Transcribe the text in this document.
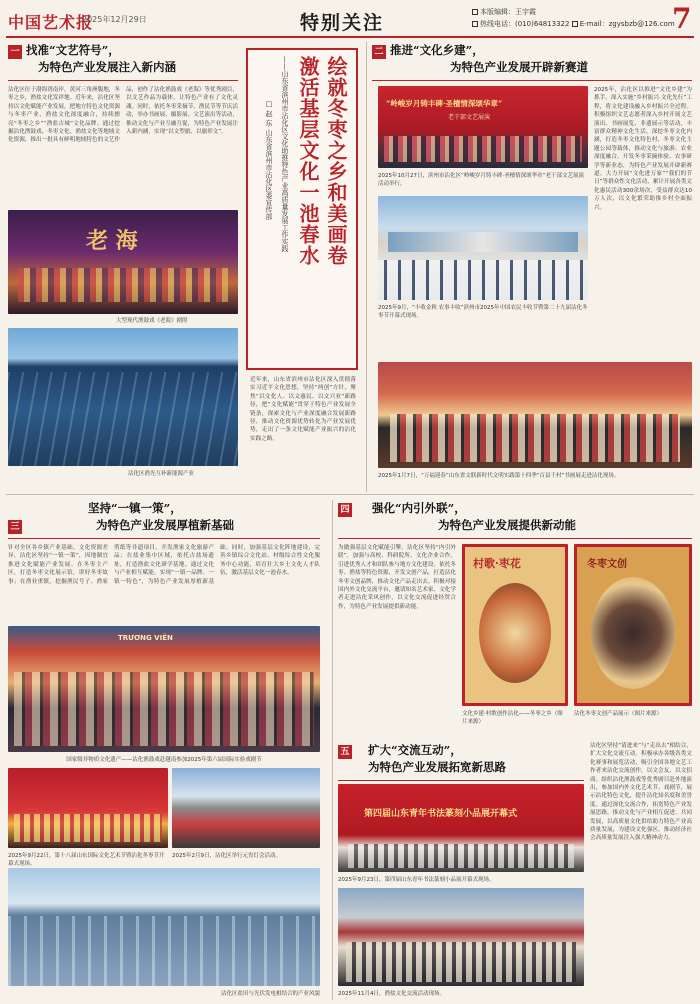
中国艺术报
2025年12月29日	特别关注	本版编辑：王宇霞
热线电话：(010)64813322 E-mail：zgysbzb@126.com
7
一 找准“文艺符号”，
为特色产业发展注入新内涵
沾化区位于渤海湾南岸，黄河三角洲腹地，冬枣之乡，渔盐文化发祥地。近年来，沾化区坚持以文化赋能产业发展，把地方特色文化资源与冬枣产业、渔盐文化深度融合，持续擦亮“冬枣之乡”“渔盐古城”文化品牌。通过挖掘沾化渔鼓戏、冬枣文化、渔盐文化等地域文化资源，推出一批具有鲜明地域特色的文艺作品，创作了沾化渔鼓戏《老海》等优秀剧目，以文艺作品为载体，让特色产业有了文化灵魂。同时，依托冬枣采摘节、渔民节等节庆活动，举办书画展、摄影展、文艺演出等活动，推动文化与产业互融互促，为特色产业发展注入新内涵，实现“以文塑旅、以旅彰文”。
老 海
大型现代渔鼓戏《老海》剧照
沾化区渔光互补新能源产业
绘就冬枣之乡和美画卷
激活基层文化一池春水
——山东省滨州市沾化区文化助推特色产业高质量发展工作实践
□ 赵 东 山东省滨州市沾化区委宣传部
近年来，山东省滨州市沾化区深入贯彻落实习近平文化思想，坚持“两创”方针，聚焦“以文化人、以文惠民、以文兴业”新路径，把“文化赋能”贯穿于特色产业发展全链条，探索文化与产业深度融合发展新路径，推动文化资源优势转化为产业发展优势，走出了一条文化赋能产业振兴的沾化实践之路。
二 推进“文化乡建”，
为特色产业发展开辟新赛道
“岭峻岁月铸丰碑·圣檀情深颂华章”
老干部文艺展演
2025年10月27日，滨州市沾化区“岭峻岁月铸丰碑·圣檀情深颂华章”老干部文艺展演活动举行。
2025年9月，“丰收金秋 农事丰收”滨州市2025年中国农民丰收节暨第二十九届沾化冬枣节开幕式现场。
2025年，沾化区以推进“文化乡建”为抓手，深入实施“乡村振兴·文化先行”工程，将文化建设融入乡村振兴全过程。积极组织文艺志愿者深入乡村开展文艺演出、书画展览、非遗展示等活动，丰富群众精神文化生活。深挖冬枣文化内涵，打造冬枣文化特色村、冬枣文化主题公园等载体，推动文化与旅游、农业深度融合，开发冬枣采摘体验、农事研学等新业态，为特色产业发展开辟新赛道。大力开展“文化进万家”“我们的节日”等群众性文化活动，累计开展各类文化惠民活动300余场次，受益群众达10万人次，以文化繁荣助推乡村全面振兴。
2025年1月7日，“万福迎春”山东省文联新时代文明实践第十四季“百县千村”书画展走进沾化现场。
坚持“一镇一策”，
三	为特色产业发展厚植新基础
针对全区各乡镇产业基础、文化资源差异，沾化区坚持“一镇一策”，因地制宜推进文化赋能产业发展。在冬枣主产区，打造冬枣文化展示馆，讲好冬枣故事；在渔业重镇，挖掘渔民号子、渔家剪纸等非遗项目，开发渔家文化旅游产品；在盐业集中区域，依托古盐场遗址，打造渔盐文化研学基地。通过文化与产业相互赋能，实现“一镇一品牌、一镇一特色”，为特色产业发展厚植新基础。同时，加强基层文化阵地建设，完善乡镇综合文化站、村级综合性文化服务中心功能，培育壮大乡土文化人才队伍，激活基层文化一池春水。
TRƯƠNG VIÊN
国家级非物质文化遗产——沾化渔鼓戏赴越南参加2025年第六届国际实验戏剧节
2025年9月22日，第十八届山东国际文化艺术节暨沾化冬枣节开幕式现场。
2025年2月9日，沾化区举行元宵灯会活动。
沾化区盐田与光伏发电相结合的产业风貌
四 强化“内引外联”，
为特色产业发展提供新动能
为做强基层文化赋能引擎，沾化区坚持“内引外联”，加强与高校、科研院所、文化企业合作，引进优秀人才和团队参与地方文化建设。依托冬枣、渔盐等特色资源，开发文创产品，打造沾化冬枣文创品牌，推动文化产品走出去。积极对接国内外文化交流平台，邀请知名艺术家、文化学者走进沾化采风创作，以文化交流促进经贸合作，为特色产业发展提供新动能。
村歌·枣花	冬枣文创
文化乡建·村歌创作沾化——冬枣之乡（图片来源）
沾化冬枣文创产品展示（图片来源）
五 扩大“交流互动”，
为特色产业发展拓宽新思路
第四届山东青年书法篆刻小品展开幕式
2025年9月23日，第四届山东青年书法篆刻小品展开幕式现场。
2025年11月4日，渔盐文化交流活动现场。
沾化区坚持“请进来”与“走出去”相结合，扩大文化交流互动。积极承办各级各类文化赛事和展览活动，吸引全国各地文艺工作者来沾化交流创作，以文会友、以文招商。组织沾化渔鼓戏等优秀剧目赴外地演出，参加国内外文化艺术节、戏剧节，展示沾化特色文化，提升沾化知名度和美誉度。通过深化交流合作，拓宽特色产业发展思路，推动文化与产业相互促进、共同发展，以高质量文化供给助力特色产业高质量发展，为建设文化强区、推动经济社会高质量发展注入强大精神动力。
